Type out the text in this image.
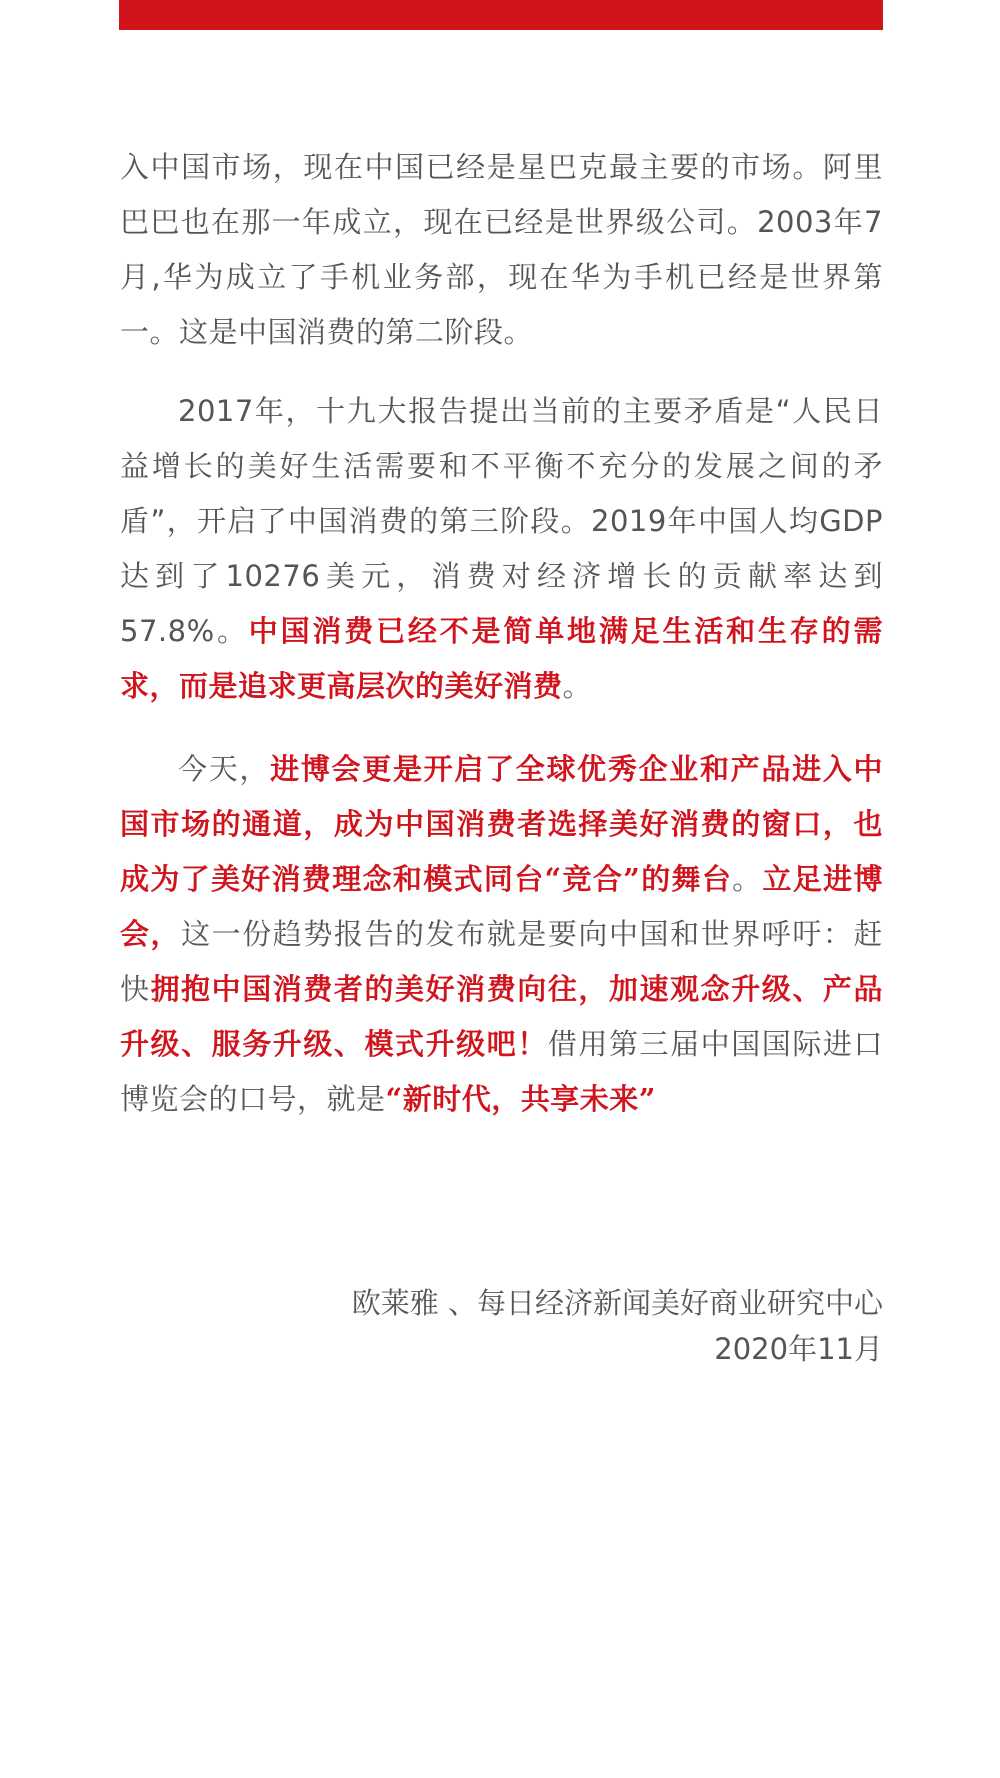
入中国市场，现在中国已经是星巴克最主要的市场。阿里巴巴也在那一年成立，现在已经是世界级公司。2003年7月,华为成立了手机业务部，现在华为手机已经是世界第一。这是中国消费的第二阶段。

2017年，十九大报告提出当前的主要矛盾是“人民日益增长的美好生活需要和不平衡不充分的发展之间的矛盾”，开启了中国消费的第三阶段。2019年中国人均GDP达到了10276美元，消费对经济增长的贡献率达到57.8%。中国消费已经不是简单地满足生活和生存的需求，而是追求更高层次的美好消费。

今天，进博会更是开启了全球优秀企业和产品进入中国市场的通道，成为中国消费者选择美好消费的窗口，也成为了美好消费理念和模式同台“竞合”的舞台。立足进博会，这一份趋势报告的发布就是要向中国和世界呼吁：赶快拥抱中国消费者的美好消费向往，加速观念升级、产品升级、服务升级、模式升级吧！借用第三届中国国际进口博览会的口号，就是“新时代，共享未来”

欧莱雅 、每日经济新闻美好商业研究中心
2020年11月
